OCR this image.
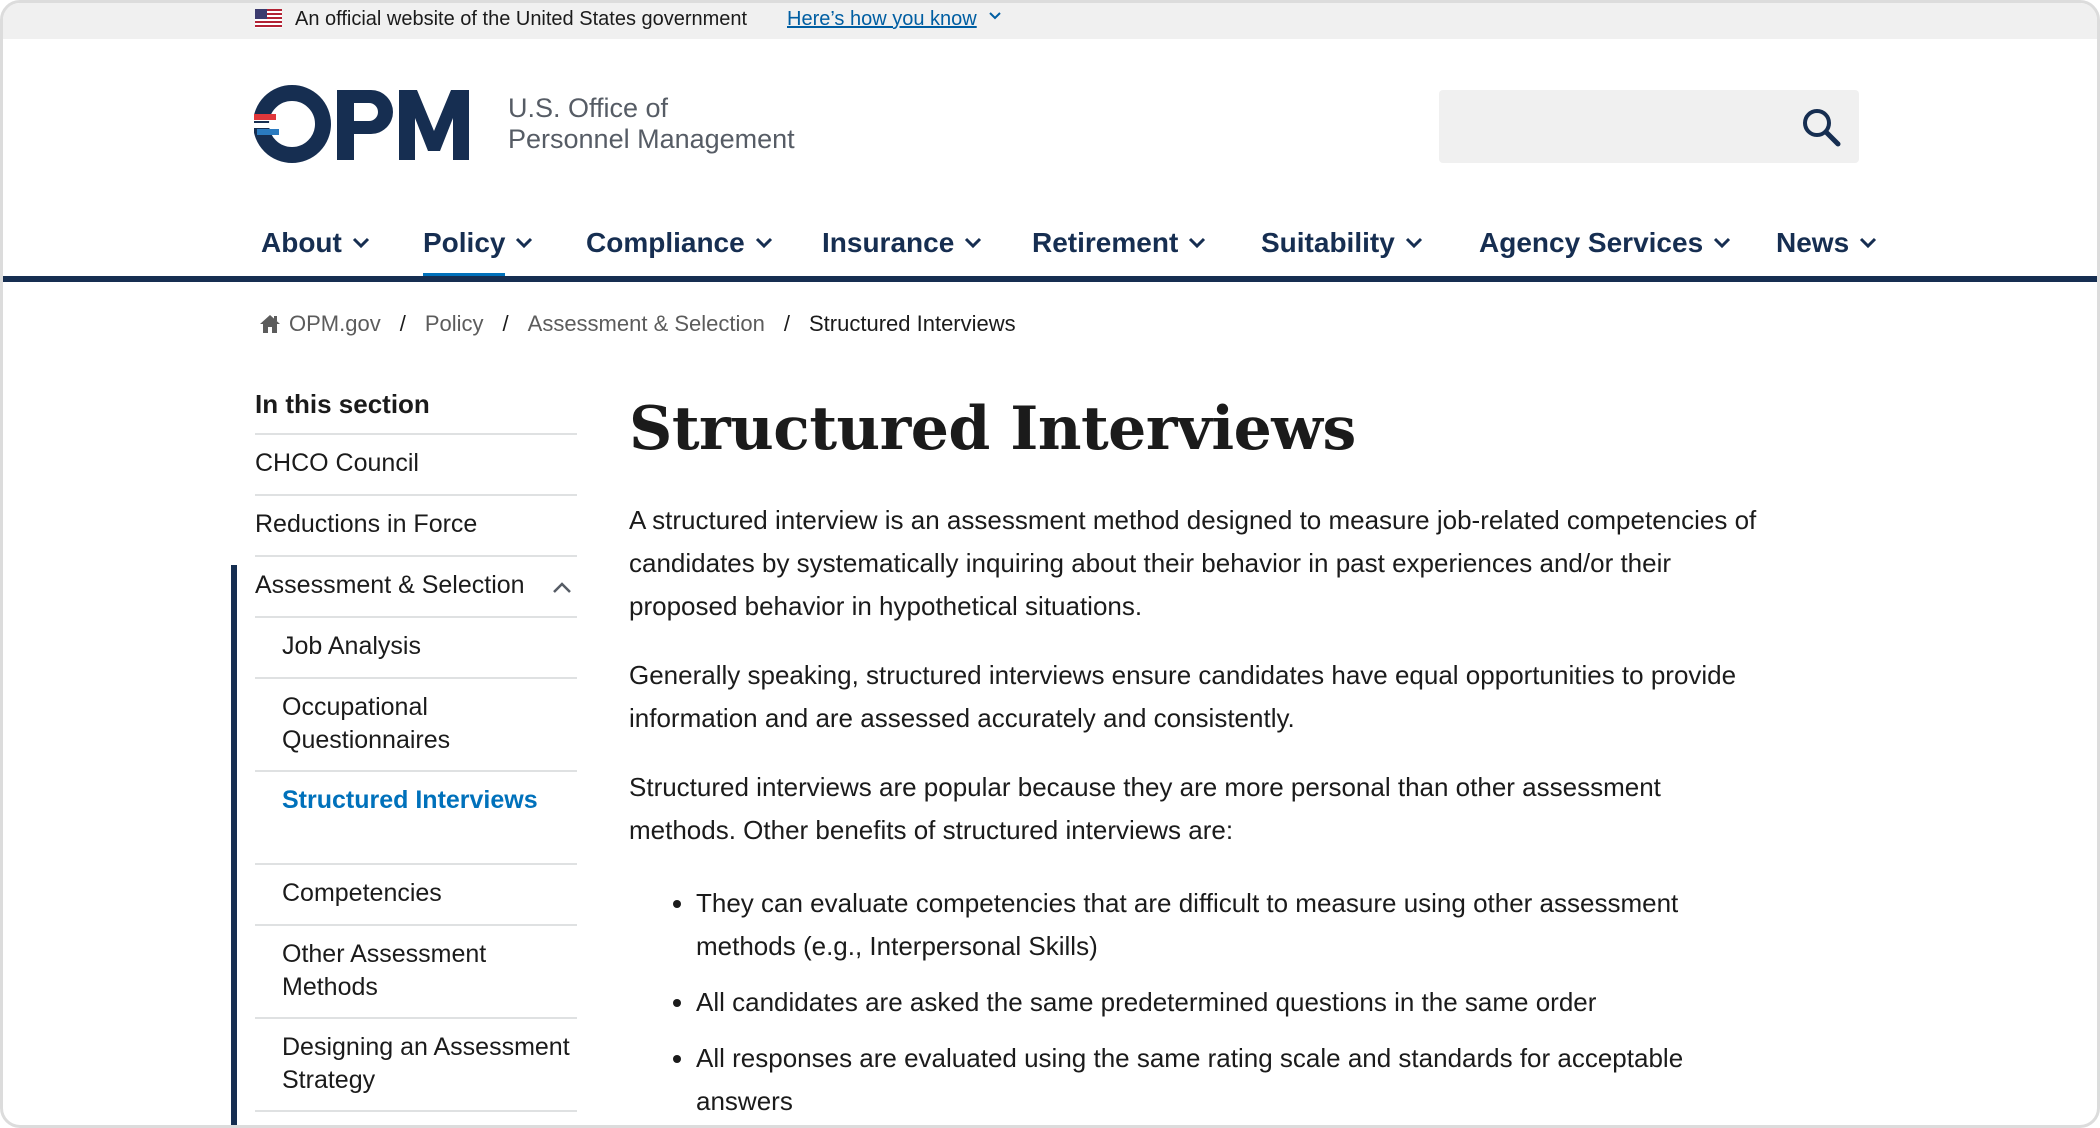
An official website of the United States government Here’s how you know
U.S. Office of
Personnel Management
About	Policy	Compliance	Insurance	Retirement	Suitability	Agency Services	News
OPM.gov / Policy / Assessment & Selection / Structured Interviews
In this section
CHCO Council
Reductions in Force
Assessment & Selection
Job Analysis
Occupational Questionnaires
Structured Interviews
Competencies
Other Assessment Methods
Designing an Assessment Strategy
Structured Interviews

A structured interview is an assessment method designed to measure job-related competencies of candidates by systematically inquiring about their behavior in past experiences and/or their proposed behavior in hypothetical situations.

Generally speaking, structured interviews ensure candidates have equal opportunities to provide information and are assessed accurately and consistently.

Structured interviews are popular because they are more personal than other assessment methods. Other benefits of structured interviews are:

• They can evaluate competencies that are difficult to measure using other assessment methods (e.g., Interpersonal Skills)
• All candidates are asked the same predetermined questions in the same order
• All responses are evaluated using the same rating scale and standards for acceptable answers
